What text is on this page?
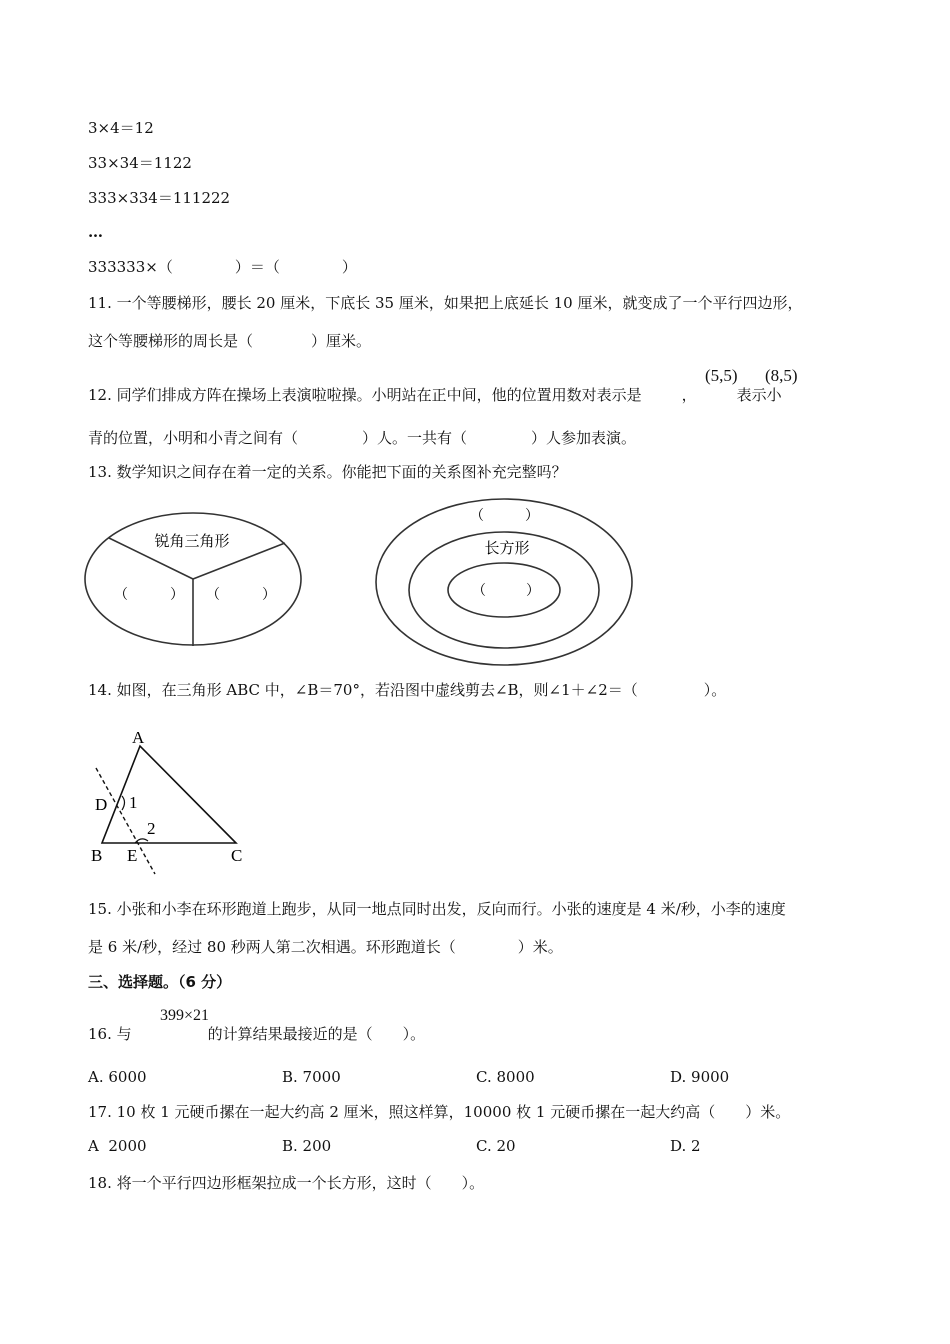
3×4＝12
33×34＝1122
333×334＝111222
…
333333×（	）＝（	）
11. 一个等腰梯形，腰长 20 厘米，下底长 35 厘米，如果把上底延长 10 厘米，就变成了一个平行四边形，
这个等腰梯形的周长是（	）厘米。
12. 同学们排成方阵在操场上表演啦啦操。小明站在正中间，他的位置用数对表示是	，	表示小
(5,5) (8,5)
青的位置，小明和小青之间有（	）人。一共有（	）人参加表演。
13. 数学知识之间存在着一定的关系。你能把下面的关系图补充完整吗？
锐角三角形
（	） （	）
（	）
长方形
（	）
14. 如图，在三角形 ABC 中，∠B＝70°，若沿图中虚线剪去∠B，则∠1＋∠2＝（	）。
A
D 1
2
B E	C
15. 小张和小李在环形跑道上跑步，从同一地点同时出发，反向而行。小张的速度是 4 米/秒，小李的速度
是 6 米/秒，经过 80 秒两人第二次相遇。环形跑道长（	）米。
三、选择题。（6 分）
399×21
16. 与	的计算结果最接近的是（　　）。
A. 6000	B. 7000	C. 8000	D. 9000
17. 10 枚 1 元硬币摞在一起大约高 2 厘米，照这样算，10000 枚 1 元硬币摞在一起大约高（　　）米。
A  2000	B. 200	C. 20	D. 2
18. 将一个平行四边形框架拉成一个长方形，这时（　　）。
